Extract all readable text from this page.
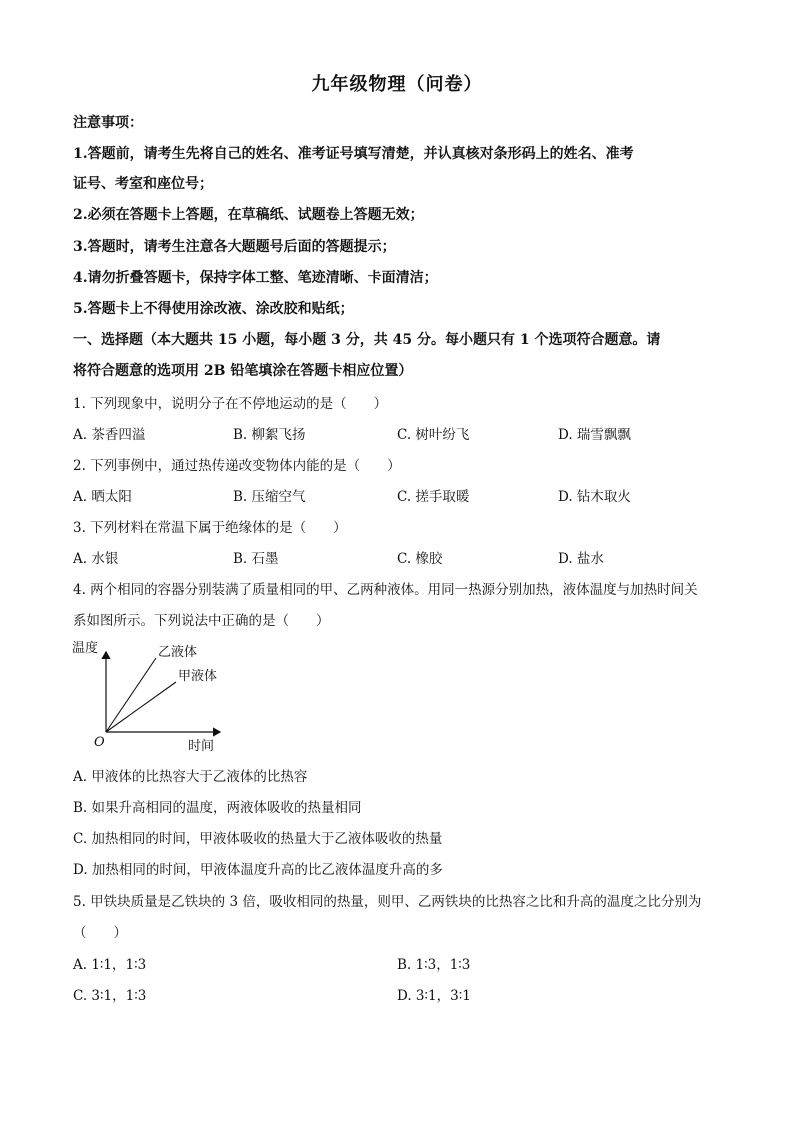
九年级物理（问卷）
注意事项：
1.答题前，请考生先将自己的姓名、准考证号填写清楚，并认真核对条形码上的姓名、准考
证号、考室和座位号；
2.必须在答题卡上答题，在草稿纸、试题卷上答题无效；
3.答题时，请考生注意各大题题号后面的答题提示；
4.请勿折叠答题卡，保持字体工整、笔迹清晰、卡面清洁；
5.答题卡上不得使用涂改液、涂改胶和贴纸；
一、选择题（本大题共 15 小题，每小题 3 分，共 45 分。每小题只有 1 个选项符合题意。请
将符合题意的选项用 2B 铅笔填涂在答题卡相应位置）
1. 下列现象中，说明分子在不停地运动的是（　　）
A. 茶香四溢	B. 柳絮飞扬	C. 树叶纷飞	D. 瑞雪飘飘
2. 下列事例中，通过热传递改变物体内能的是（　　）
A. 晒太阳	B. 压缩空气	C. 搓手取暖	D. 钻木取火
3. 下列材料在常温下属于绝缘体的是（　　）
A. 水银	B. 石墨	C. 橡胶	D. 盐水
4. 两个相同的容器分别装满了质量相同的甲、乙两种液体。用同一热源分别加热，液体温度与加热时间关
系如图所示。下列说法中正确的是（　　）
温度
时间
O
乙液体
甲液体
A. 甲液体的比热容大于乙液体的比热容
B. 如果升高相同的温度，两液体吸收的热量相同
C. 加热相同的时间，甲液体吸收的热量大于乙液体吸收的热量
D. 加热相同的时间，甲液体温度升高的比乙液体温度升高的多
5. 甲铁块质量是乙铁块的 3 倍，吸收相同的热量，则甲、乙两铁块的比热容之比和升高的温度之比分别为
（　　）
A. 1∶1，1∶3	B. 1∶3，1∶3
C. 3∶1，1∶3	D. 3∶1，3∶1
